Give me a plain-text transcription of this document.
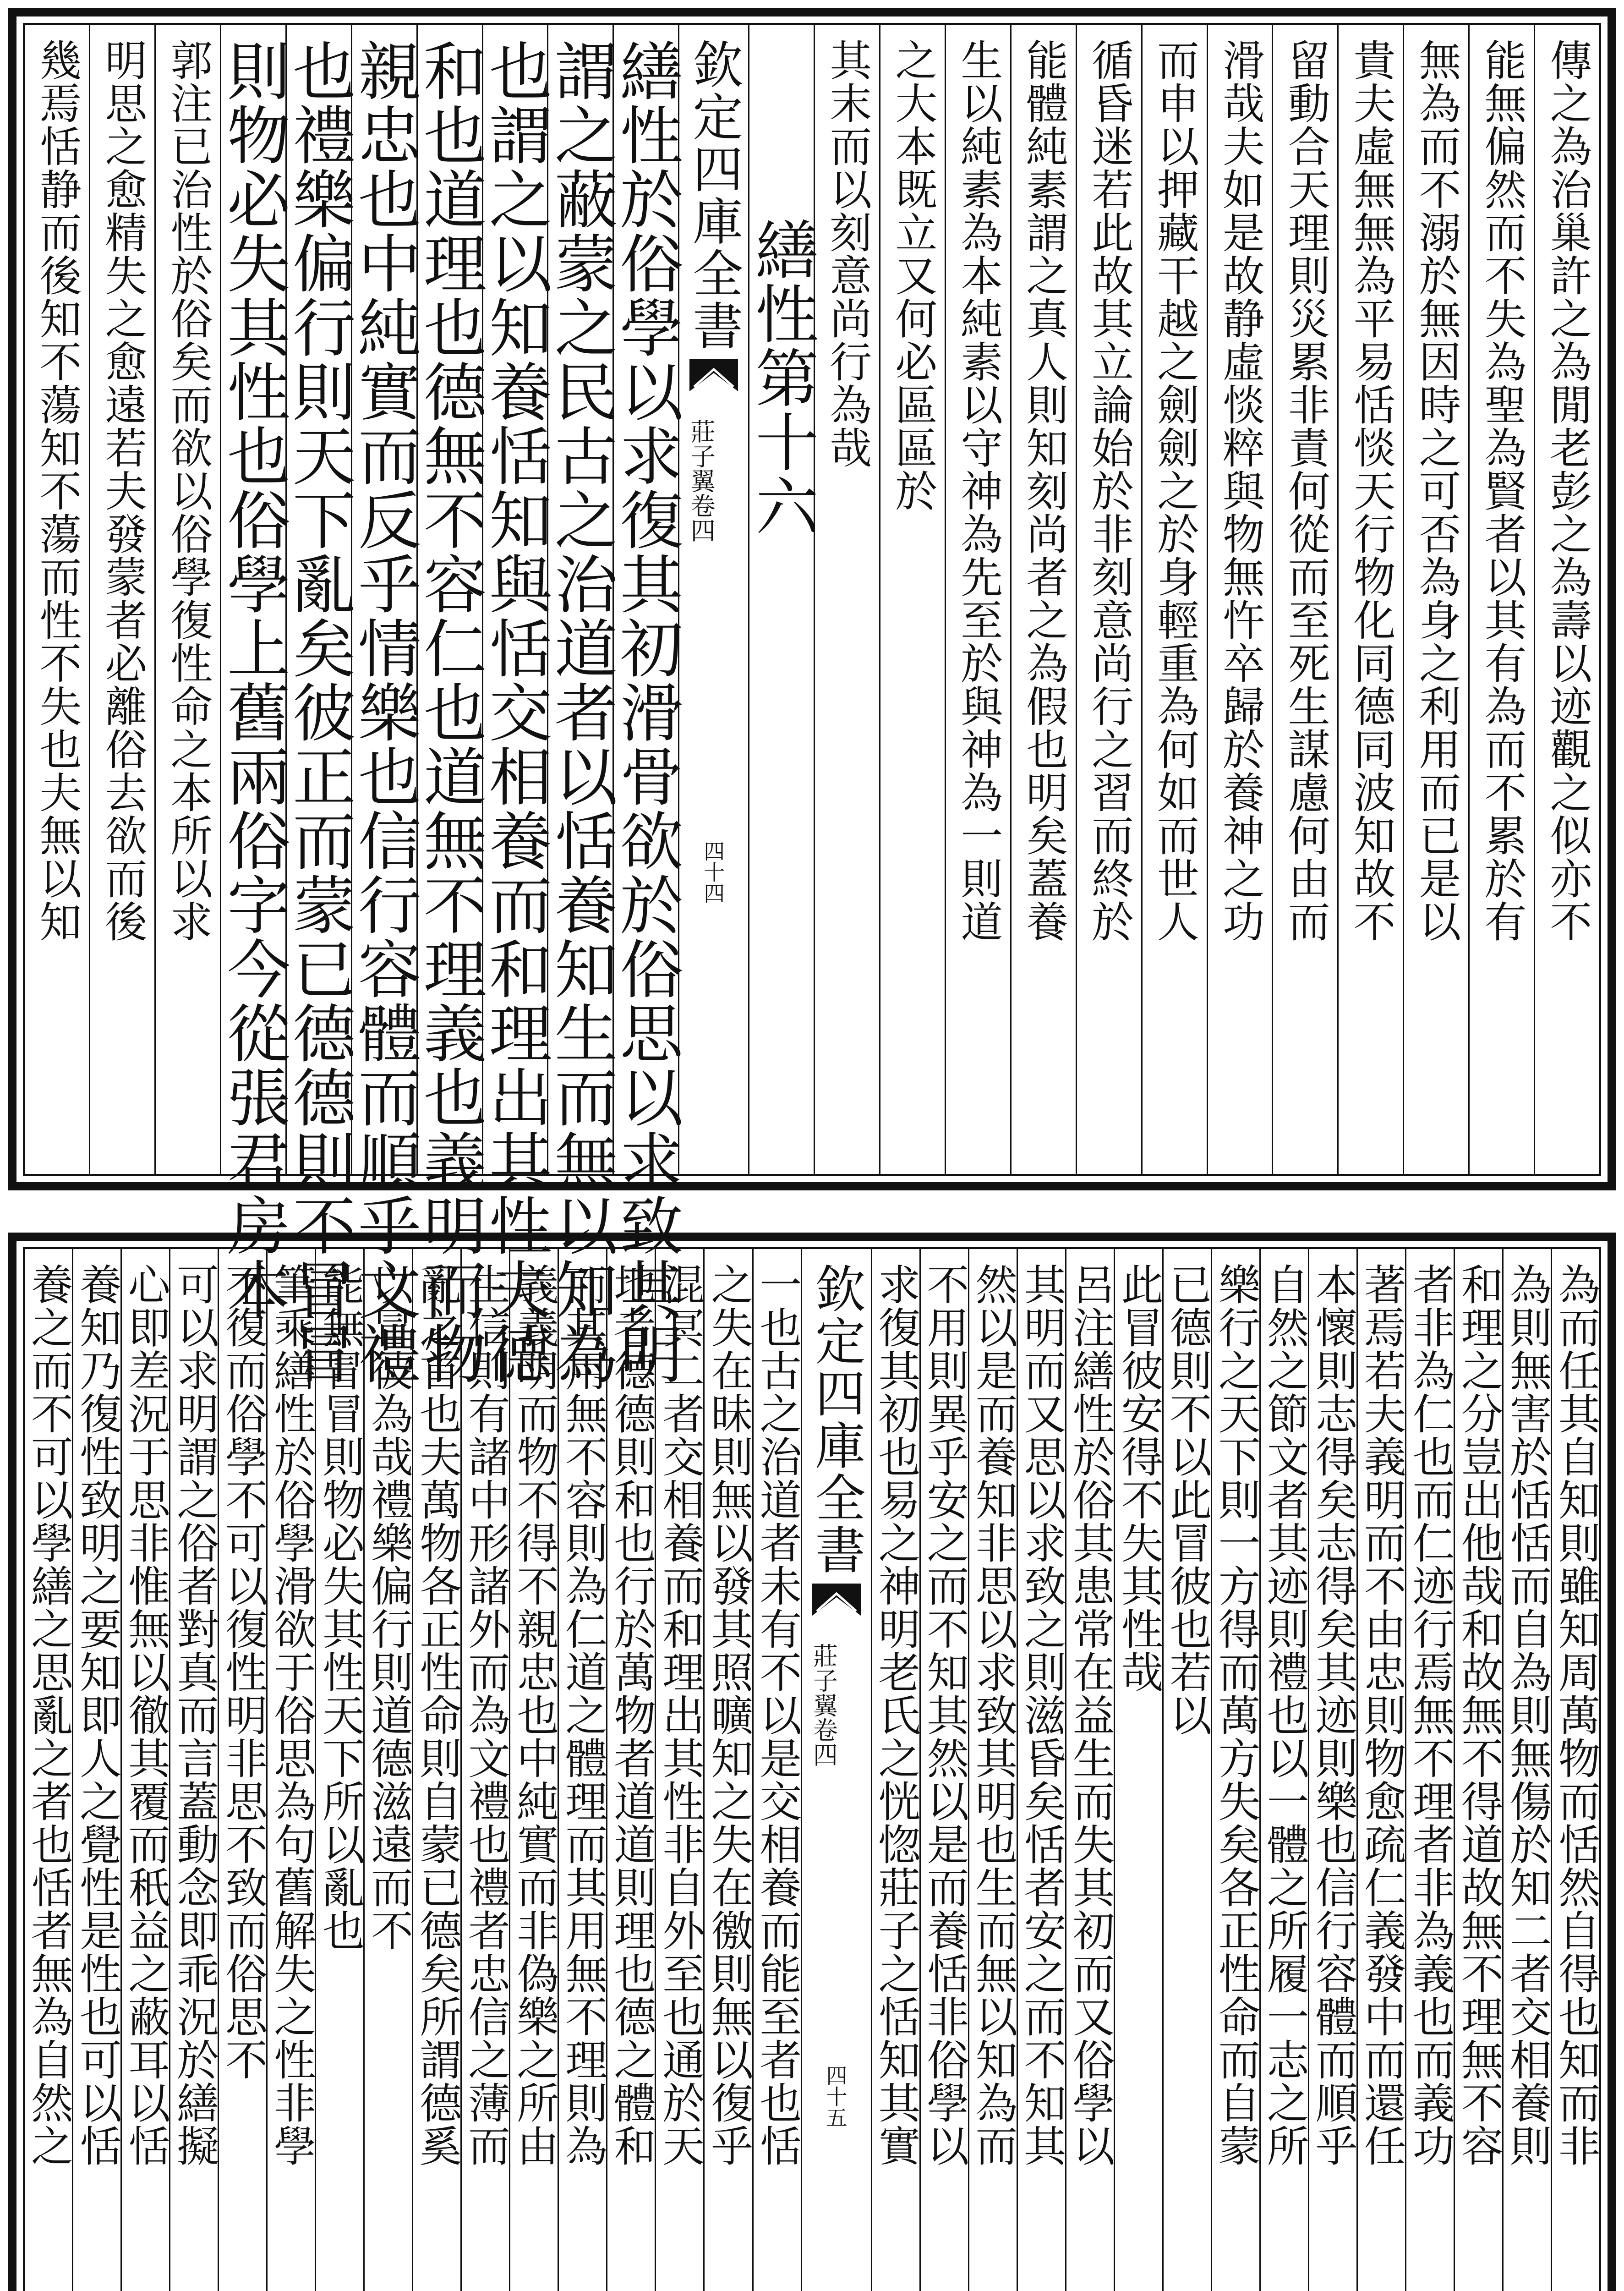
傳之為治巢許之為閒老彭之為壽以迹觀之似亦不
能無偏然而不失為聖為賢者以其有為而不累於有
無為而不溺於無因時之可否為身之利用而已是以
貴夫虛無無為平易恬惔天行物化同德同波知故不
留動合天理則災累非責何從而至死生謀慮何由而
滑哉夫如是故静虛惔粹與物無忤卒歸於養神之功
而申以押藏干越之劍劍之於身輕重為何如而世人
循昏迷若此故其立論始於非刻意尚行之習而終於
能體純素謂之真人則知刻尚者之為假也明矣蓋養
生以純素為本純素以守神為先至於與神為一則道
之大本既立又何必區區於
其末而以刻意尚行為哉
繕性第十六
欽定四庫全書
莊子翼卷四
四十四
繕性於俗學以求復其初滑骨欲於俗思以求致其明
謂之蔽蒙之民古之治道者以恬養知生而無以知為
也謂之以知養恬知與恬交相養而和理出其性夫德
和也道理也德無不容仁也道無不理義也義明而物
親忠也中純實而反乎情樂也信行容體而順乎文禮
也禮樂偏行則天下亂矣彼正而蒙已德德則不冒冒
則物必失其性也俗學上舊兩俗字今從張君房本
郭注已治性於俗矣而欲以俗學復性命之本所以求
明思之愈精失之愈遠若夫發蒙者必離俗去欲而後
幾焉恬静而後知不蕩知不蕩而性不失也夫無以知
為而任其自知則雖知周萬物而恬然自得也知而非
為則無害於恬恬而自為則無傷於知二者交相養則
和理之分豈出他哉和故無不得道故無不理無不容
者非為仁也而仁迹行焉無不理者非為義也而義功
著焉若夫義明而不由忠則物愈疏仁義發中而還任
本懷則志得矣志得矣其迹則樂也信行容體而順乎
自然之節文者其迹則禮也以一體之所履一志之所
樂行之天下則一方得而萬方失矣各正性命而自蒙
已德則不以此冒彼也若以
此冒彼安得不失其性哉
呂注繕性於俗其患常在益生而失其初而又俗學以
其明而又思以求致之則滋昏矣恬者安之而不知其
然以是而養知非思以求致其明也生而無以知為而
不用則異乎安之而不知其然以是而養恬非俗學以
求復其初也易之神明老氏之恍惚莊子之恬知其實
欽定四庫全書
莊子翼卷四
四十五
一也古之治道者未有不以是交相養而能至者也恬
之失在昧則無以發其照曠知之失在徼則無以復乎
混冥二者交相養而和理出其性非自外至也通於天
地者德德則和也行於萬物者道道則理也德之體和
而其用無不容則為仁道之體理而其用無不理則為
義義明而物不得不親忠也中純實而非偽樂之所由
生信則有諸中形諸外而為文禮也禮者忠信之薄而
亂之首也夫萬物各正性命則自蒙已德矣所謂德奚
以冒彼為哉禮樂偏行則道德滋遠而不
能無冒冒則物必失其性天下所以亂也
筆乘繕性於俗學滑欲于俗思為句舊解失之性非學
不復而俗學不可以復性明非思不致而俗思不
可以求明謂之俗者對真而言蓋動念即乖況於繕擬
心即差況于思非惟無以徹其覆而秖益之蔽耳以恬
養知乃復性致明之要知即人之覺性是性也可以恬
養之而不可以學繕之思亂之者也恬者無為自然之
